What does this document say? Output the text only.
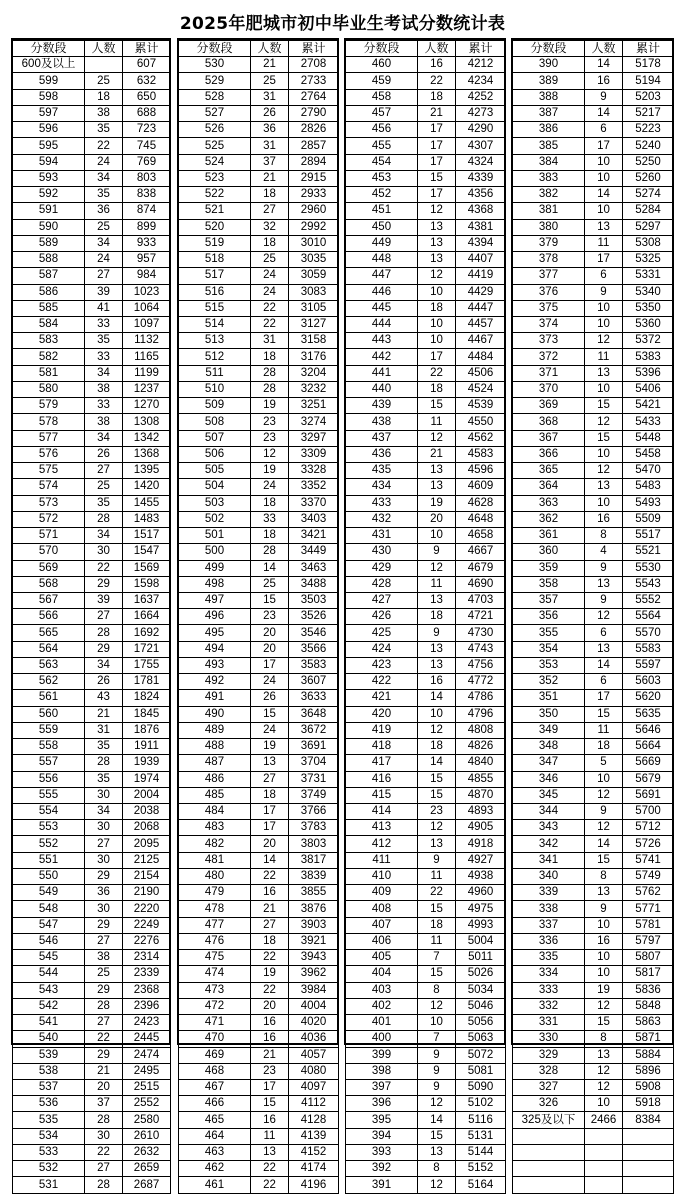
2025年肥城市初中毕业生考试分数统计表
分数段	人数	累计
600及以上		607
599	25	632
598	18	650
597	38	688
596	35	723
595	22	745
594	24	769
593	34	803
592	35	838
591	36	874
590	25	899
589	34	933
588	24	957
587	27	984
586	39	1023
585	41	1064
584	33	1097
583	35	1132
582	33	1165
581	34	1199
580	38	1237
579	33	1270
578	38	1308
577	34	1342
576	26	1368
575	27	1395
574	25	1420
573	35	1455
572	28	1483
571	34	1517
570	30	1547
569	22	1569
568	29	1598
567	39	1637
566	27	1664
565	28	1692
564	29	1721
563	34	1755
562	26	1781
561	43	1824
560	21	1845
559	31	1876
558	35	1911
557	28	1939
556	35	1974
555	30	2004
554	34	2038
553	30	2068
552	27	2095
551	30	2125
550	29	2154
549	36	2190
548	30	2220
547	29	2249
546	27	2276
545	38	2314
544	25	2339
543	29	2368
542	28	2396
541	27	2423
540	22	2445
539	29	2474
538	21	2495
537	20	2515
536	37	2552
535	28	2580
534	30	2610
533	22	2632
532	27	2659
531	28	2687
分数段	人数	累计
530	21	2708
529	25	2733
528	31	2764
527	26	2790
526	36	2826
525	31	2857
524	37	2894
523	21	2915
522	18	2933
521	27	2960
520	32	2992
519	18	3010
518	25	3035
517	24	3059
516	24	3083
515	22	3105
514	22	3127
513	31	3158
512	18	3176
511	28	3204
510	28	3232
509	19	3251
508	23	3274
507	23	3297
506	12	3309
505	19	3328
504	24	3352
503	18	3370
502	33	3403
501	18	3421
500	28	3449
499	14	3463
498	25	3488
497	15	3503
496	23	3526
495	20	3546
494	20	3566
493	17	3583
492	24	3607
491	26	3633
490	15	3648
489	24	3672
488	19	3691
487	13	3704
486	27	3731
485	18	3749
484	17	3766
483	17	3783
482	20	3803
481	14	3817
480	22	3839
479	16	3855
478	21	3876
477	27	3903
476	18	3921
475	22	3943
474	19	3962
473	22	3984
472	20	4004
471	16	4020
470	16	4036
469	21	4057
468	23	4080
467	17	4097
466	15	4112
465	16	4128
464	11	4139
463	13	4152
462	22	4174
461	22	4196
分数段	人数	累计
460	16	4212
459	22	4234
458	18	4252
457	21	4273
456	17	4290
455	17	4307
454	17	4324
453	15	4339
452	17	4356
451	12	4368
450	13	4381
449	13	4394
448	13	4407
447	12	4419
446	10	4429
445	18	4447
444	10	4457
443	10	4467
442	17	4484
441	22	4506
440	18	4524
439	15	4539
438	11	4550
437	12	4562
436	21	4583
435	13	4596
434	13	4609
433	19	4628
432	20	4648
431	10	4658
430	9	4667
429	12	4679
428	11	4690
427	13	4703
426	18	4721
425	9	4730
424	13	4743
423	13	4756
422	16	4772
421	14	4786
420	10	4796
419	12	4808
418	18	4826
417	14	4840
416	15	4855
415	15	4870
414	23	4893
413	12	4905
412	13	4918
411	9	4927
410	11	4938
409	22	4960
408	15	4975
407	18	4993
406	11	5004
405	7	5011
404	15	5026
403	8	5034
402	12	5046
401	10	5056
400	7	5063
399	9	5072
398	9	5081
397	9	5090
396	12	5102
395	14	5116
394	15	5131
393	13	5144
392	8	5152
391	12	5164
分数段	人数	累计
390	14	5178
389	16	5194
388	9	5203
387	14	5217
386	6	5223
385	17	5240
384	10	5250
383	10	5260
382	14	5274
381	10	5284
380	13	5297
379	11	5308
378	17	5325
377	6	5331
376	9	5340
375	10	5350
374	10	5360
373	12	5372
372	11	5383
371	13	5396
370	10	5406
369	15	5421
368	12	5433
367	15	5448
366	10	5458
365	12	5470
364	13	5483
363	10	5493
362	16	5509
361	8	5517
360	4	5521
359	9	5530
358	13	5543
357	9	5552
356	12	5564
355	6	5570
354	13	5583
353	14	5597
352	6	5603
351	17	5620
350	15	5635
349	11	5646
348	18	5664
347	5	5669
346	10	5679
345	12	5691
344	9	5700
343	12	5712
342	14	5726
341	15	5741
340	8	5749
339	13	5762
338	9	5771
337	10	5781
336	16	5797
335	10	5807
334	10	5817
333	19	5836
332	12	5848
331	15	5863
330	8	5871
329	13	5884
328	12	5896
327	12	5908
326	10	5918
325及以下	2466	8384
